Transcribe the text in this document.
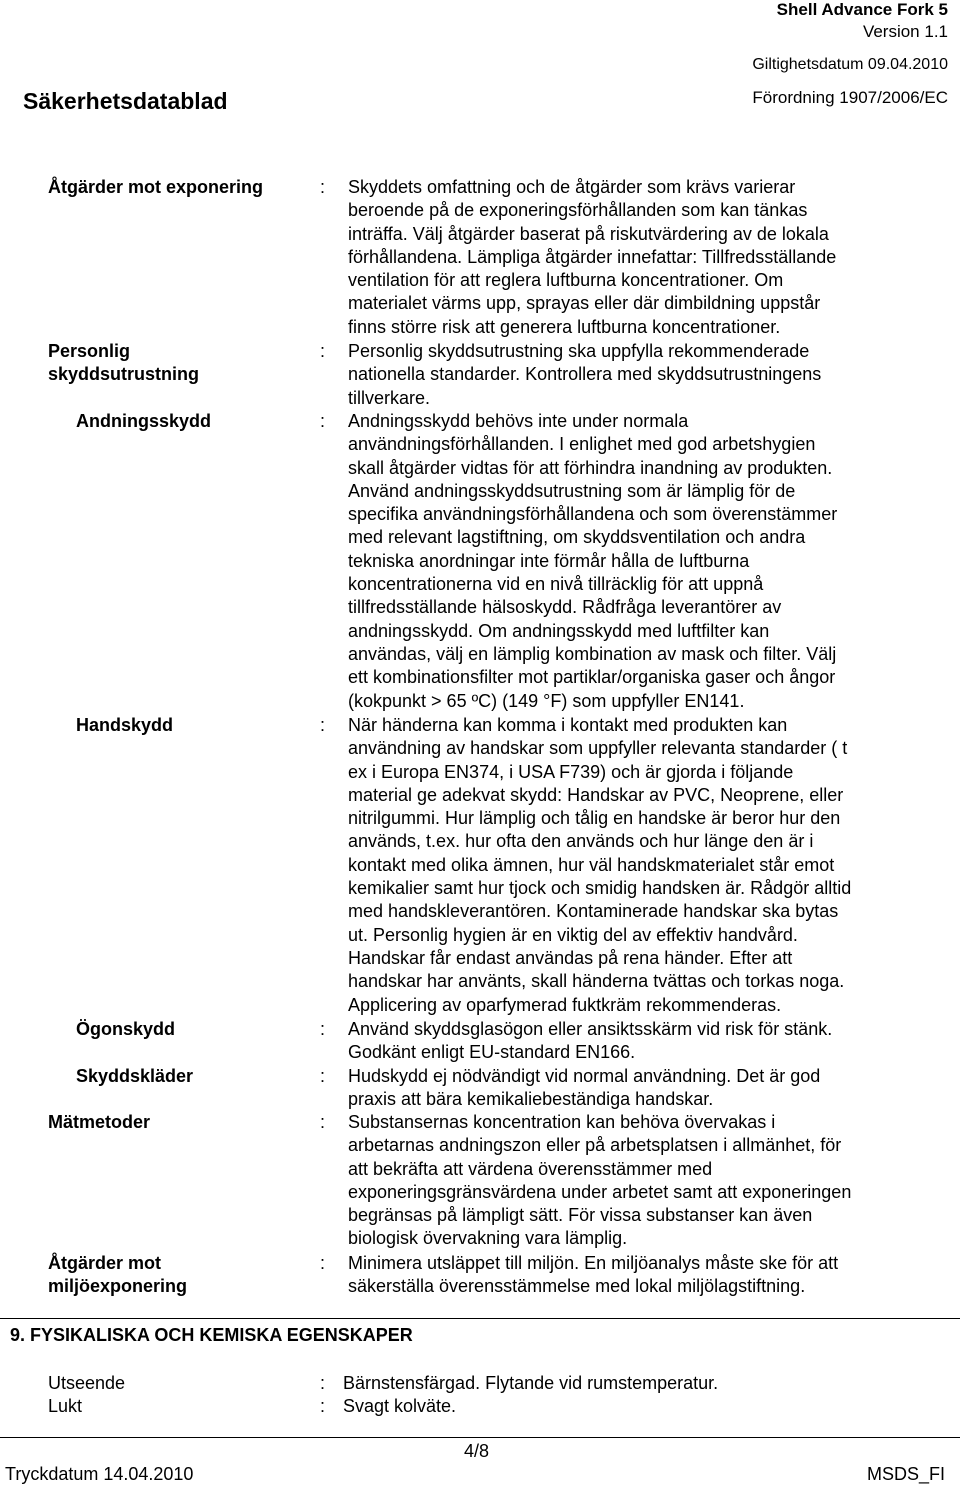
Shell Advance Fork 5
Version 1.1
Giltighetsdatum 09.04.2010
Säkerhetsdatablad	Förordning 1907/2006/EC
Åtgärder mot exponering	: Skyddets omfattning och de åtgärder som krävs varierar
beroende på de exponeringsförhållanden som kan tänkas
inträffa. Välj åtgärder baserat på riskutvärdering av de lokala
förhållandena. Lämpliga åtgärder innefattar: Tillfredsställande
ventilation för att reglera luftburna koncentrationer. Om
materialet värms upp, sprayas eller där dimbildning uppstår
finns större risk att generera luftburna koncentrationer.
Personlig
skyddsutrustning
: Personlig skyddsutrustning ska uppfylla rekommenderade
nationella standarder. Kontrollera med skyddsutrustningens
tillverkare.
Andningsskydd	: Andningsskydd behövs inte under normala
användningsförhållanden. I enlighet med god arbetshygien
skall åtgärder vidtas för att förhindra inandning av produkten.
Använd andningsskyddsutrustning som är lämplig för de
specifika användningsförhållandena och som överenstämmer
med relevant lagstiftning, om skyddsventilation och andra
tekniska anordningar inte förmår hålla de luftburna
koncentrationerna vid en nivå tillräcklig för att uppnå
tillfredsställande hälsoskydd. Rådfråga leverantörer av
andningsskydd. Om andningsskydd med luftfilter kan
användas, välj en lämplig kombination av mask och filter. Välj
ett kombinationsfilter mot partiklar/organiska gaser och ångor
(kokpunkt > 65 ºC) (149 °F) som uppfyller EN141.
Handskydd	: När händerna kan komma i kontakt med produkten kan
användning av handskar som uppfyller relevanta standarder ( t
ex i Europa EN374, i USA F739) och är gjorda i följande
material ge adekvat skydd: Handskar av PVC, Neoprene, eller
nitrilgummi. Hur lämplig och tålig en handske är beror hur den
används, t.ex. hur ofta den används och hur länge den är i
kontakt med olika ämnen, hur väl handskmaterialet står emot
kemikalier samt hur tjock och smidig handsken är. Rådgör alltid
med handskleverantören. Kontaminerade handskar ska bytas
ut. Personlig hygien är en viktig del av effektiv handvård.
Handskar får endast användas på rena händer. Efter att
handskar har använts, skall händerna tvättas och torkas noga.
Applicering av oparfymerad fuktkräm rekommenderas.
Ögonskydd	: Använd skyddsglasögon eller ansiktsskärm vid risk för stänk.
Godkänt enligt EU-standard EN166.
Skyddskläder	: Hudskydd ej nödvändigt vid normal användning. Det är god
praxis att bära kemikaliebeständiga handskar.
Mätmetoder	: Substansernas koncentration kan behöva övervakas i
arbetarnas andningszon eller på arbetsplatsen i allmänhet, för
att bekräfta att värdena överensstämmer med
exponeringsgränsvärdena under arbetet samt att exponeringen
begränsas på lämpligt sätt. För vissa substanser kan även
biologisk övervakning vara lämplig.
Åtgärder mot
miljöexponering
: Minimera utsläppet till miljön. En miljöanalys måste ske för att
säkerställa överensstämmelse med lokal miljölagstiftning.
9. FYSIKALISKA OCH KEMISKA EGENSKAPER
Utseende	: Bärnstensfärgad. Flytande vid rumstemperatur.
Lukt	: Svagt kolväte.
4/8
Tryckdatum 14.04.2010	MSDS_FI
